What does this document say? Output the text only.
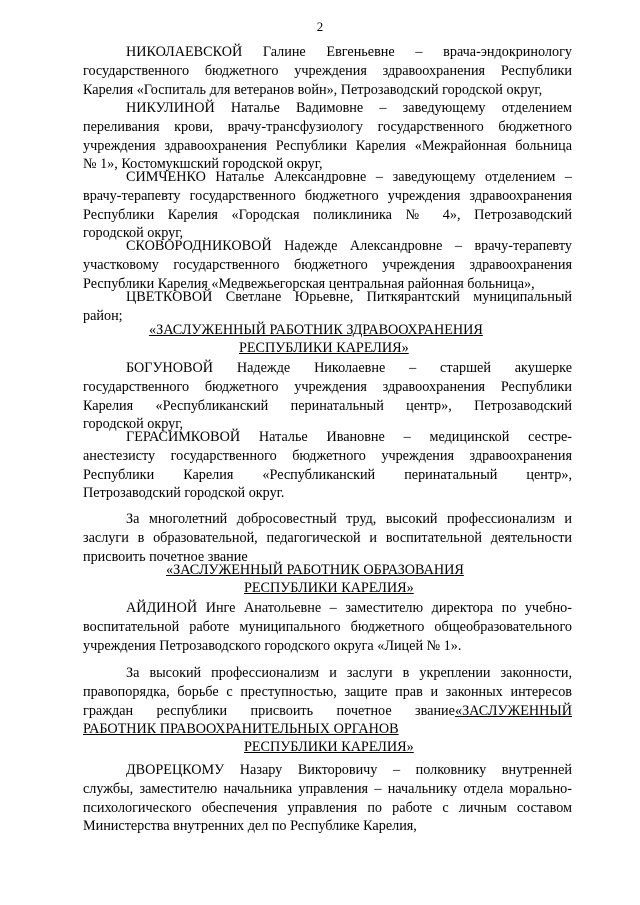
2
НИКОЛАЕВСКОЙ Галине Евгеньевне – врача-эндокринологу
государственного бюджетного учреждения здравоохранения Республики
Карелия «Госпиталь для ветеранов войн», Петрозаводский городской округ,
НИКУЛИНОЙ Наталье Вадимовне – заведующему отделением
переливания крови, врачу-трансфузиологу государственного бюджетного
учреждения здравоохранения Республики Карелия «Межрайонная больница
№ 1», Костомукшский городской округ,
СИМЧЕНКО Наталье Александровне – заведующему отделением –
врачу-терапевту государственного бюджетного учреждения здравоохранения
Республики Карелия «Городская поликлиника № 4», Петрозаводский
городской округ,
СКОВОРОДНИКОВОЙ Надежде Александровне – врачу-терапевту
участковому государственного бюджетного учреждения здравоохранения
Республики Карелия «Медвежьегорская центральная районная больница»,
ЦВЕТКОВОЙ Светлане Юрьевне, Питкярантский муниципальный
район;
«ЗАСЛУЖЕННЫЙ РАБОТНИК ЗДРАВООХРАНЕНИЯ
РЕСПУБЛИКИ КАРЕЛИЯ»
БОГУНОВОЙ Надежде Николаевне – старшей акушерке
государственного бюджетного учреждения здравоохранения Республики
Карелия «Республиканский перинатальный центр», Петрозаводский
городской округ,
ГЕРАСИМКОВОЙ Наталье Ивановне – медицинской сестре-
анестезисту государственного бюджетного учреждения здравоохранения
Республики Карелия «Республиканский перинатальный центр»,
Петрозаводский городской округ.
За многолетний добросовестный труд, высокий профессионализм и
заслуги в образовательной, педагогической и воспитательной деятельности
присвоить почетное звание
«ЗАСЛУЖЕННЫЙ РАБОТНИК ОБРАЗОВАНИЯ
РЕСПУБЛИКИ КАРЕЛИЯ»
АЙДИНОЙ Инге Анатольевне – заместителю директора по учебно-
воспитательной работе муниципального бюджетного общеобразовательного
учреждения Петрозаводского городского округа «Лицей № 1».
За высокий профессионализм и заслуги в укреплении законности,
правопорядка, борьбе с преступностью, защите прав и законных интересов
граждан республики присвоить почетное звание «ЗАСЛУЖЕННЫЙ
РАБОТНИК ПРАВООХРАНИТЕЛЬНЫХ ОРГАНОВ
РЕСПУБЛИКИ КАРЕЛИЯ»
ДВОРЕЦКОМУ Назару Викторовичу – полковнику внутренней
службы, заместителю начальника управления – начальнику отдела морально-
психологического обеспечения управления по работе с личным составом
Министерства внутренних дел по Республике Карелия,
